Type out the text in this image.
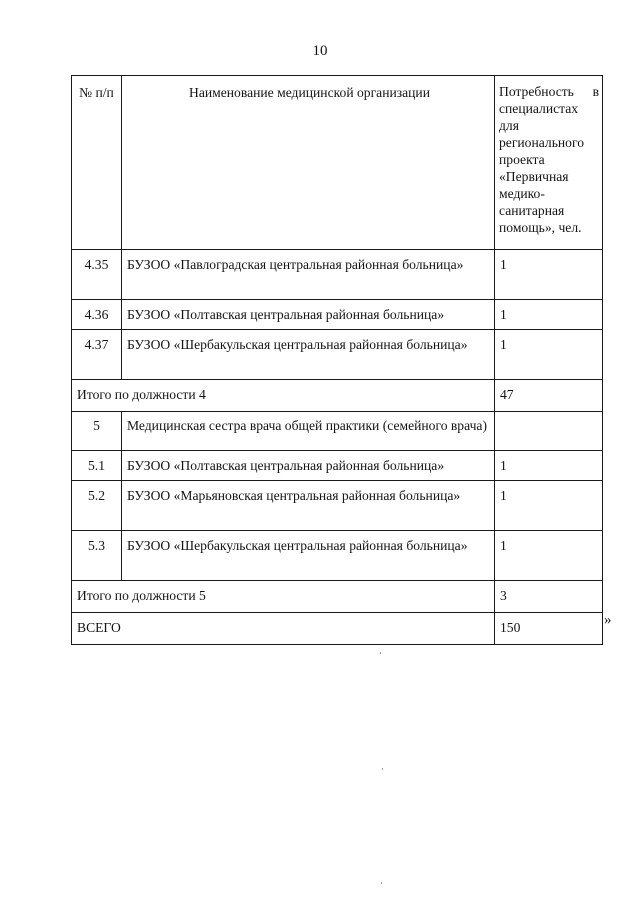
10
№ п/п	Наименование медицинской организации	Потребность в специалистах для регионального проекта «Первичная медико-санитарная помощь», чел.
4.35	БУЗОО «Павлоградская центральная районная больница»	1
4.36	БУЗОО «Полтавская центральная районная больница»	1
4.37	БУЗОО «Шербакульская центральная районная больница»	1
Итого по должности 4		47
5	Медицинская сестра врача общей практики (семейного врача)	
5.1	БУЗОО «Полтавская центральная районная больница»	1
5.2	БУЗОО «Марьяновская центральная районная больница»	1
5.3	БУЗОО «Шербакульская центральная районная больница»	1
Итого по должности 5		3
ВСЕГО		150	»
